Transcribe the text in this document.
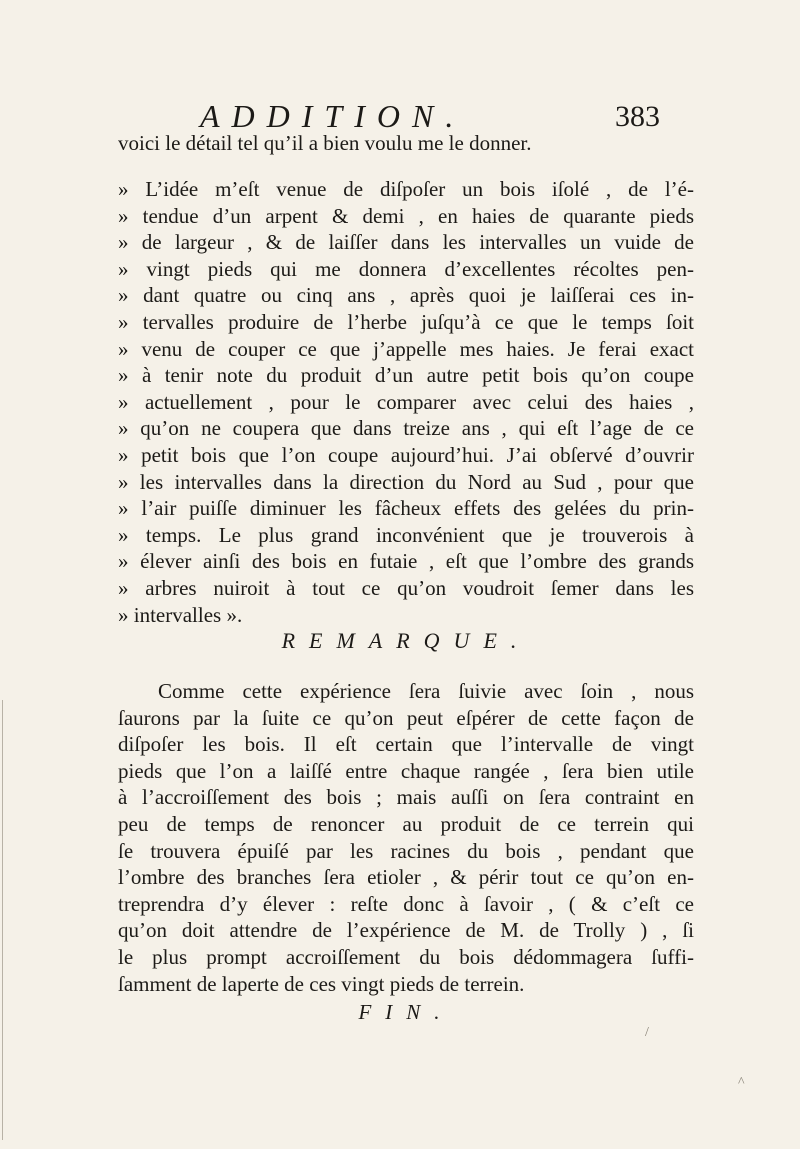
ADDITION.	383
voici le détail tel qu’il a bien voulu me le donner.
» L’idée m’eſt venue de diſpoſer un bois iſolé , de l’é-
» tendue d’un arpent & demi , en haies de quarante pieds
» de largeur , & de laiſſer dans les intervalles un vuide de
» vingt pieds qui me donnera d’excellentes récoltes pen-
» dant quatre ou cinq ans , après quoi je laiſſerai ces in-
» tervalles produire de l’herbe juſqu’à ce que le temps ſoit
» venu de couper ce que j’appelle mes haies. Je ferai exact
» à tenir note du produit d’un autre petit bois qu’on coupe
» actuellement , pour le comparer avec celui des haies ,
» qu’on ne coupera que dans treize ans , qui eſt l’age de ce
» petit bois que l’on coupe aujourd’hui. J’ai obſervé d’ouvrir
» les intervalles dans la direction du Nord au Sud , pour que
» l’air puiſſe diminuer les fâcheux effets des gelées du prin-
» temps. Le plus grand inconvénient que je trouverois à
» élever ainſi des bois en futaie , eſt que l’ombre des grands
» arbres nuiroit à tout ce qu’on voudroit ſemer dans les
» intervalles ».
REMARQUE.
Comme cette expérience ſera ſuivie avec ſoin , nous
ſaurons par la ſuite ce qu’on peut eſpérer de cette façon de
diſpoſer les bois. Il eſt certain que l’intervalle de vingt
pieds que l’on a laiſſé entre chaque rangée , ſera bien utile
à l’accroiſſement des bois ; mais auſſi on ſera contraint en
peu de temps de renoncer au produit de ce terrein qui
ſe trouvera épuiſé par les racines du bois , pendant que
l’ombre des branches ſera etioler , & périr tout ce qu’on en-
treprendra d’y élever : reſte donc à ſavoir , ( & c’eſt ce
qu’on doit attendre de l’expérience de M. de Trolly ) , ſi
le plus prompt accroiſſement du bois dédommagera ſuffi-
ſamment de laperte de ces vingt pieds de terrein.
FIN.
/
^
